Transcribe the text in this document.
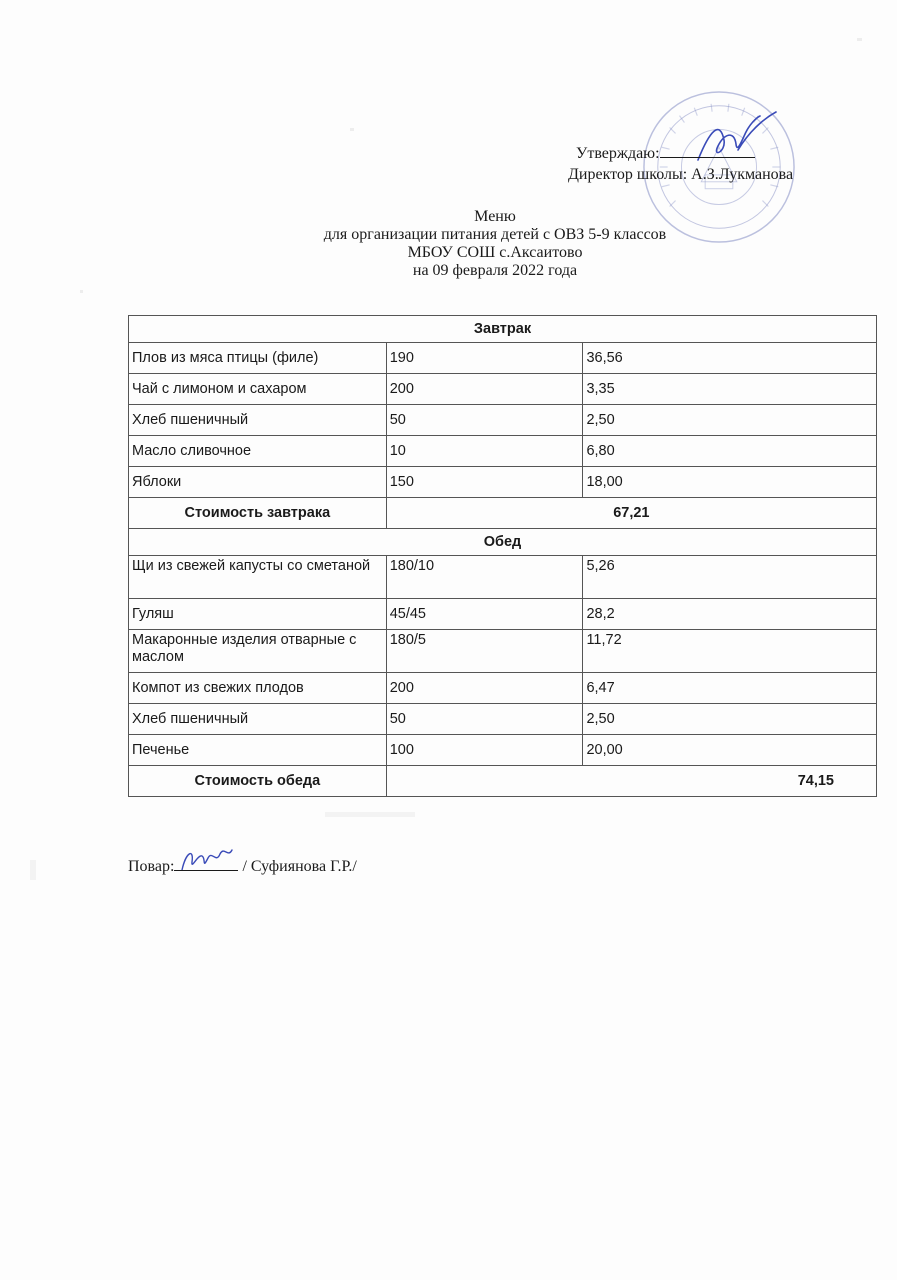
Утверждаю:
Директор школы: А.З.Лукманова
Меню
для организации питания детей с ОВЗ 5-9 классов
МБОУ СОШ с.Аксаитово
на 09 февраля 2022 года
Завтрак		
Плов из мяса птицы (филе)	190	36,56
Чай с лимоном и сахаром	200	3,35
Хлеб пшеничный	50	2,50
Масло сливочное	10	6,80
Яблоки	150	18,00
Стоимость завтрака	67,21	
Обед		
Щи из свежей капусты со сметаной	180/10	5,26
Гуляш	45/45	28,2
Макаронные изделия отварные с маслом	180/5	11,72
Компот из свежих плодов	200	6,47
Хлеб пшеничный	50	2,50
Печенье	100	20,00
Стоимость обеда	74,15	
Повар:	/ Суфиянова Г.Р./
